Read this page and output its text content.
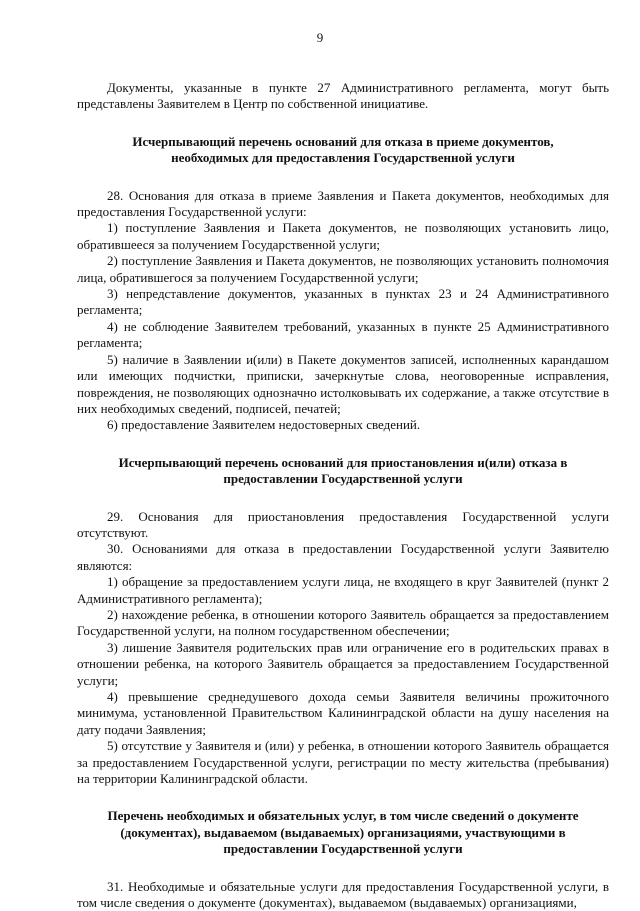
9

Документы, указанные в пункте 27 Административного регламента, могут быть представлены Заявителем в Центр по собственной инициативе.

Исчерпывающий перечень оснований для отказа в приеме документов, необходимых для предоставления Государственной услуги

28. Основания для отказа в приеме Заявления и Пакета документов, необходимых для предоставления Государственной услуги:

1) поступление Заявления и Пакета документов, не позволяющих установить лицо, обратившееся за получением Государственной услуги;

2) поступление Заявления и Пакета документов, не позволяющих установить полномочия лица, обратившегося за получением Государственной услуги;

3) непредставление документов, указанных в пунктах 23 и 24 Административного регламента;

4) не соблюдение Заявителем требований, указанных в пункте 25 Административного регламента;

5) наличие в Заявлении и(или) в Пакете документов записей, исполненных карандашом или имеющих подчистки, приписки, зачеркнутые слова, неоговоренные исправления, повреждения, не позволяющих однозначно истолковывать их содержание, а также отсутствие в них необходимых сведений, подписей, печатей;

6) предоставление Заявителем недостоверных сведений.

Исчерпывающий перечень оснований для приостановления и(или) отказа в предоставлении Государственной услуги

29. Основания для приостановления предоставления Государственной услуги отсутствуют.

30. Основаниями для отказа в предоставлении Государственной услуги Заявителю являются:

1) обращение за предоставлением услуги лица, не входящего в круг Заявителей (пункт 2 Административного регламента);

2) нахождение ребенка, в отношении которого Заявитель обращается за предоставлением Государственной услуги, на полном государственном обеспечении;

3) лишение Заявителя родительских прав или ограничение его в родительских правах в отношении ребенка, на которого Заявитель обращается за предоставлением Государственной услуги;

4) превышение среднедушевого дохода семьи Заявителя величины прожиточного минимума, установленной Правительством Калининградской области на душу населения на дату подачи Заявления;

5) отсутствие у Заявителя и (или) у ребенка, в отношении которого Заявитель обращается за предоставлением Государственной услуги, регистрации по месту жительства (пребывания) на территории Калининградской области.

Перечень необходимых и обязательных услуг, в том числе сведений о документе (документах), выдаваемом (выдаваемых) организациями, участвующими в предоставлении Государственной услуги

31. Необходимые и обязательные услуги для предоставления Государственной услуги, в том числе сведения о документе (документах), выдаваемом (выдаваемых) организациями,
